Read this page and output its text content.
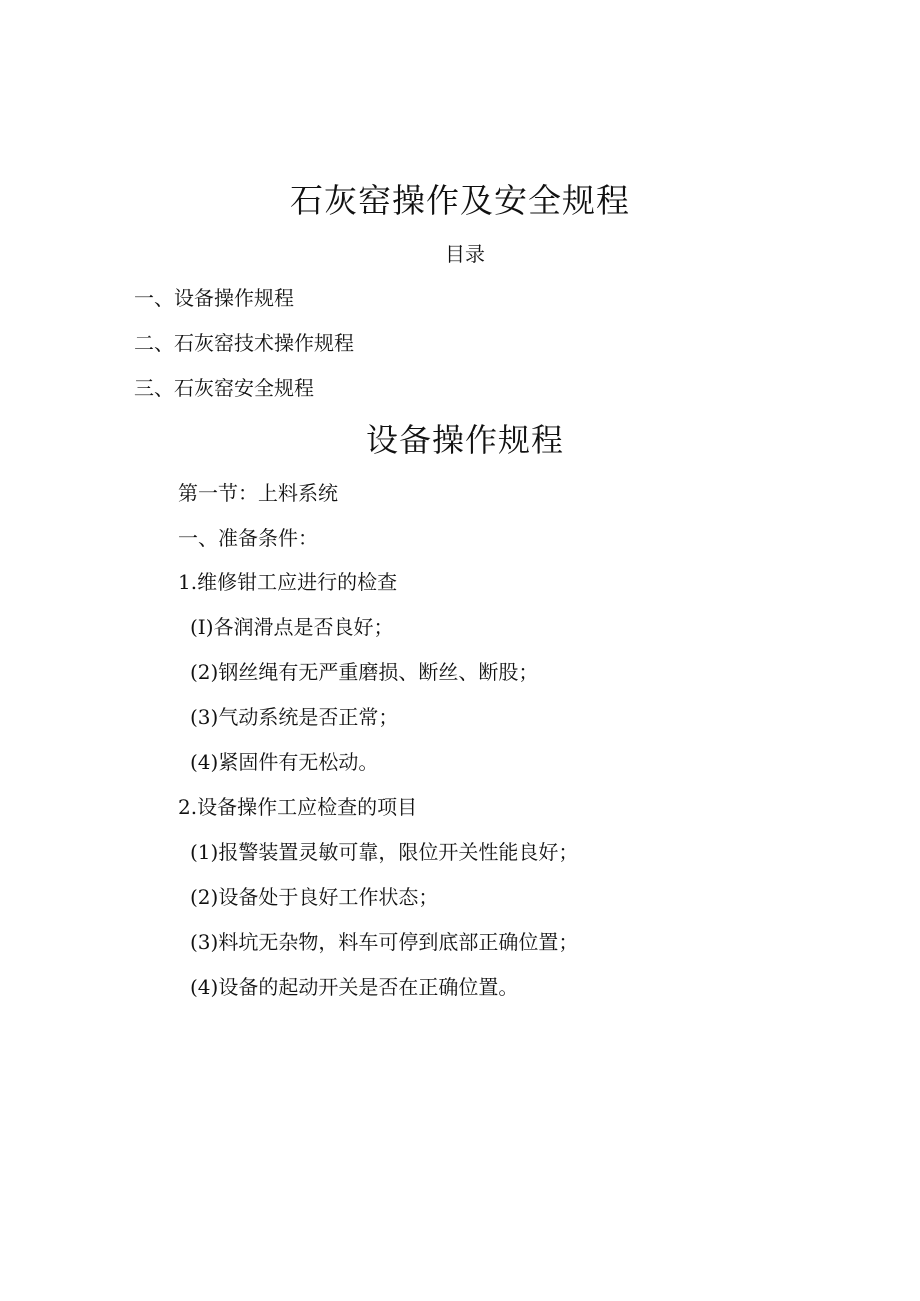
石灰窑操作及安全规程
目录
一、设备操作规程
二、石灰窑技术操作规程
三、石灰窑安全规程
设备操作规程
第一节：上料系统
一、准备条件：
1.维修钳工应进行的检查
(I)各润滑点是否良好；
(2)钢丝绳有无严重磨损、断丝、断股；
(3)气动系统是否正常；
(4)紧固件有无松动。
2.设备操作工应检查的项目
(1)报警装置灵敏可靠，限位开关性能良好；
(2)设备处于良好工作状态；
(3)料坑无杂物，料车可停到底部正确位置；
(4)设备的起动开关是否在正确位置。
